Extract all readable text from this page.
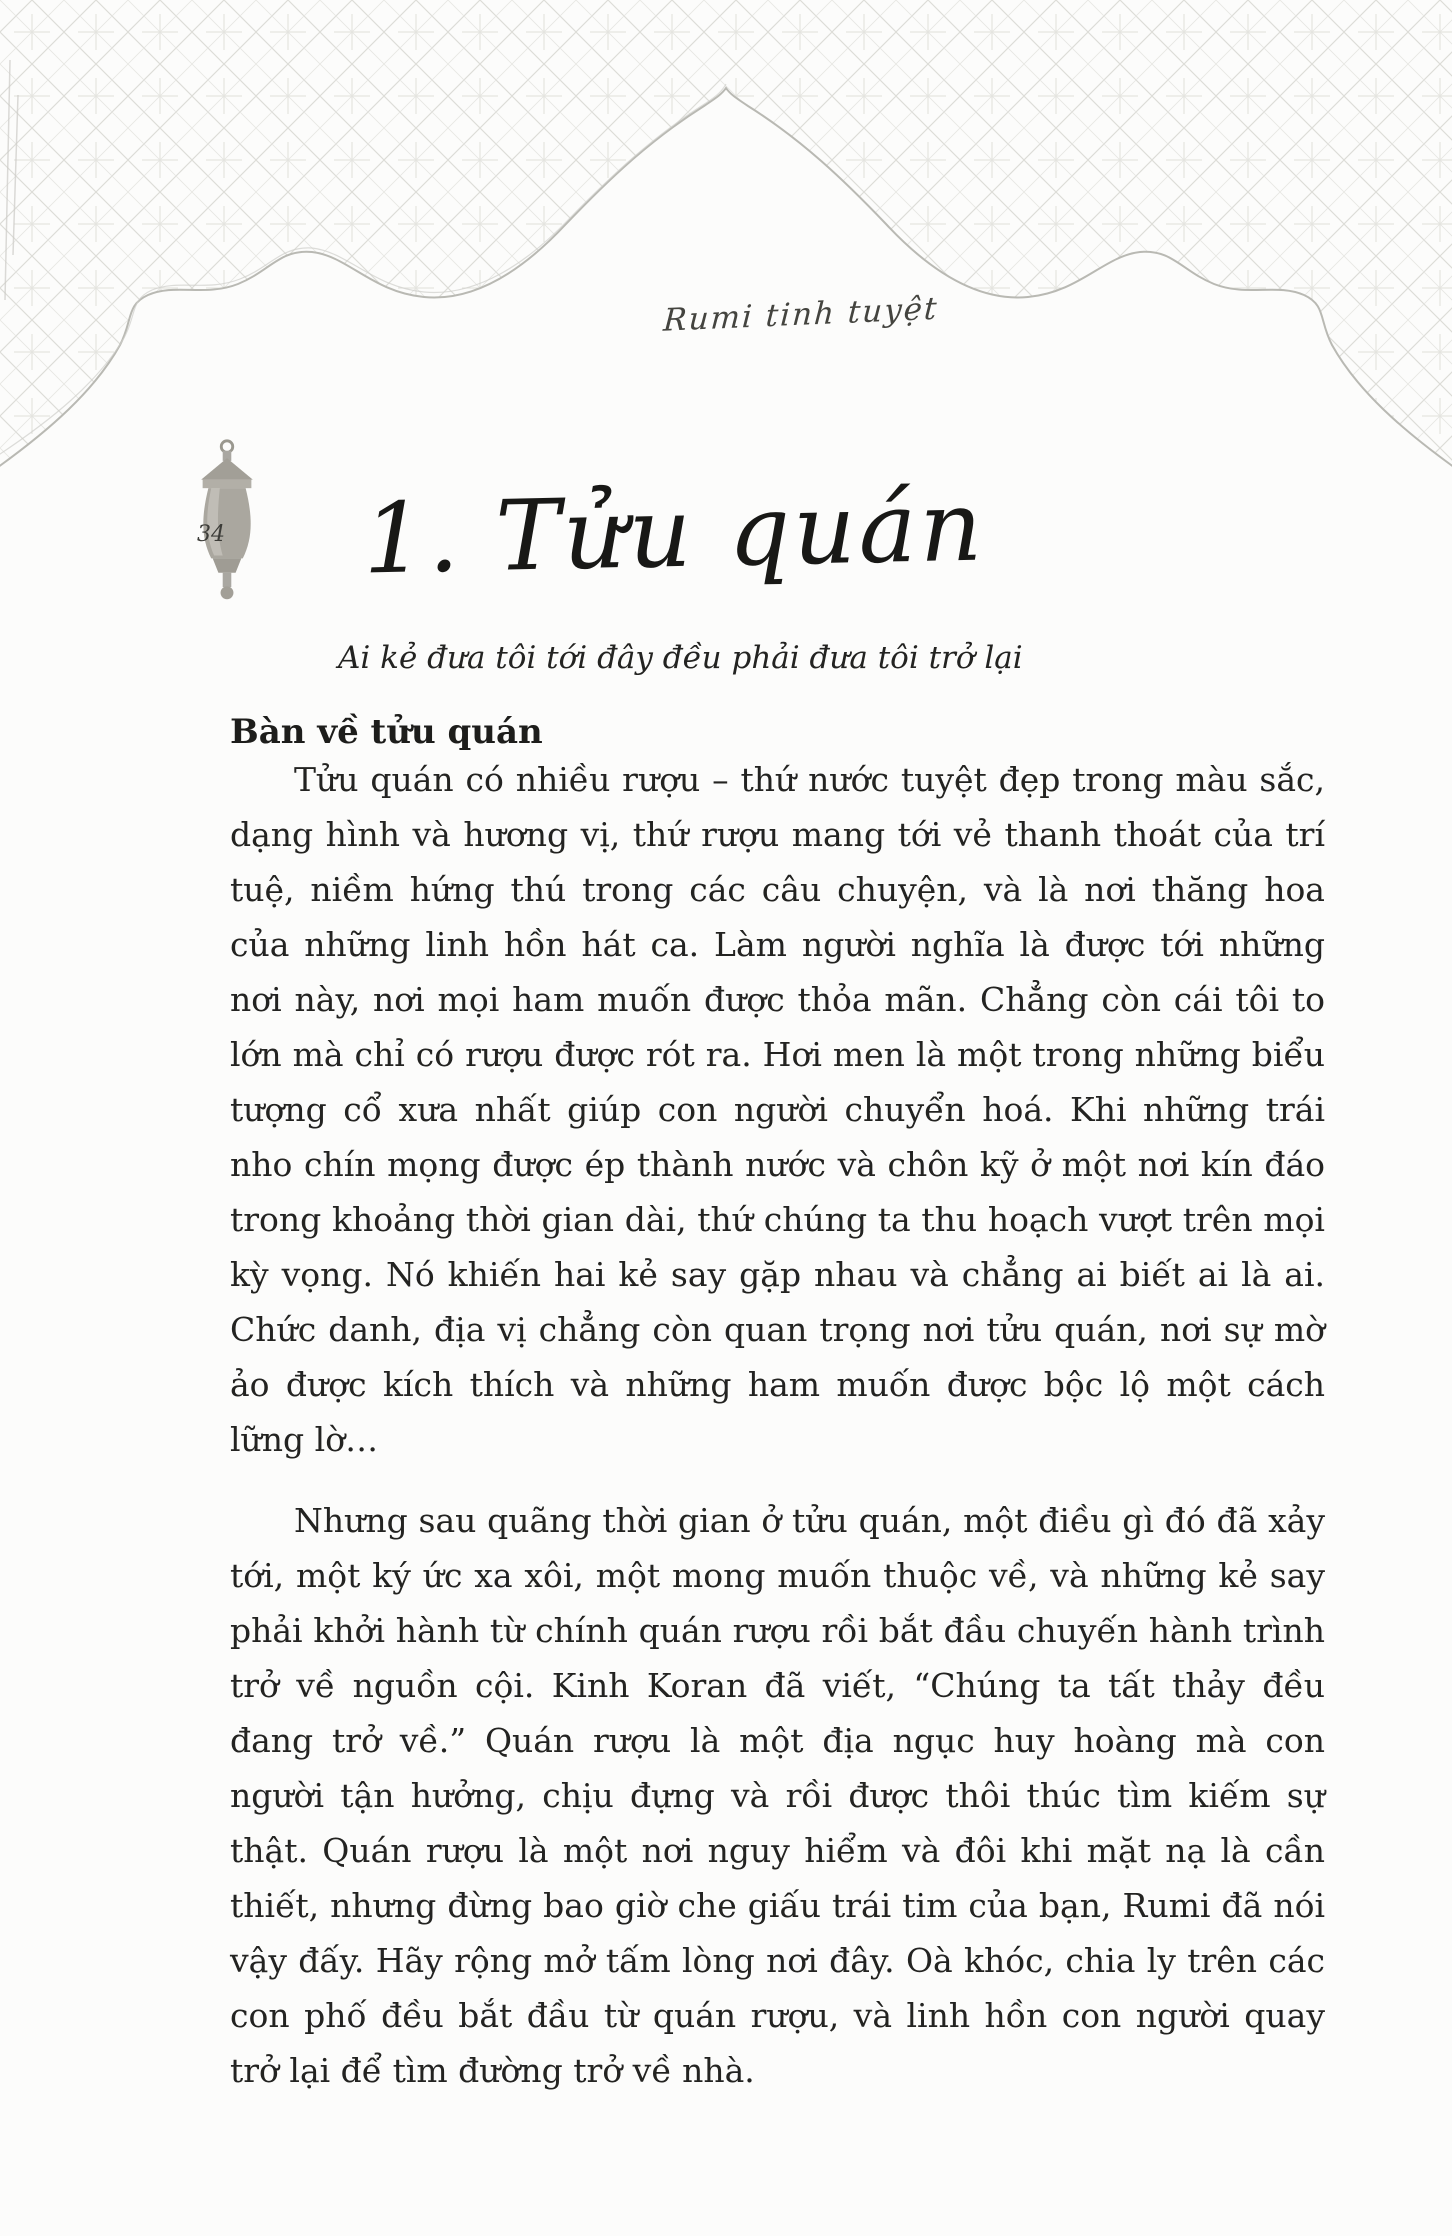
Rumi tinh tuyệt
34 1. Tửu quán
Ai kẻ đưa tôi tới đây đều phải đưa tôi trở lại
Bàn về tửu quán

Tửu quán có nhiều rượu – thứ nước tuyệt đẹp trong màu sắc, dạng hình và hương vị, thứ rượu mang tới vẻ thanh thoát của trí tuệ, niềm hứng thú trong các câu chuyện, và là nơi thăng hoa của những linh hồn hát ca. Làm người nghĩa là được tới những nơi này, nơi mọi ham muốn được thỏa mãn. Chẳng còn cái tôi to lớn mà chỉ có rượu được rót ra. Hơi men là một trong những biểu tượng cổ xưa nhất giúp con người chuyển hoá. Khi những trái nho chín mọng được ép thành nước và chôn kỹ ở một nơi kín đáo trong khoảng thời gian dài, thứ chúng ta thu hoạch vượt trên mọi kỳ vọng. Nó khiến hai kẻ say gặp nhau và chẳng ai biết ai là ai. Chức danh, địa vị chẳng còn quan trọng nơi tửu quán, nơi sự mờ ảo được kích thích và những ham muốn được bộc lộ một cách lững lờ…

Nhưng sau quãng thời gian ở tửu quán, một điều gì đó đã xảy tới, một ký ức xa xôi, một mong muốn thuộc về, và những kẻ say phải khởi hành từ chính quán rượu rồi bắt đầu chuyến hành trình trở về nguồn cội. Kinh Koran đã viết, “Chúng ta tất thảy đều đang trở về.” Quán rượu là một địa ngục huy hoàng mà con người tận hưởng, chịu đựng và rồi được thôi thúc tìm kiếm sự thật. Quán rượu là một nơi nguy hiểm và đôi khi mặt nạ là cần thiết, nhưng đừng bao giờ che giấu trái tim của bạn, Rumi đã nói vậy đấy. Hãy rộng mở tấm lòng nơi đây. Oà khóc, chia ly trên các con phố đều bắt đầu từ quán rượu, và linh hồn con người quay trở lại để tìm đường trở về nhà.
